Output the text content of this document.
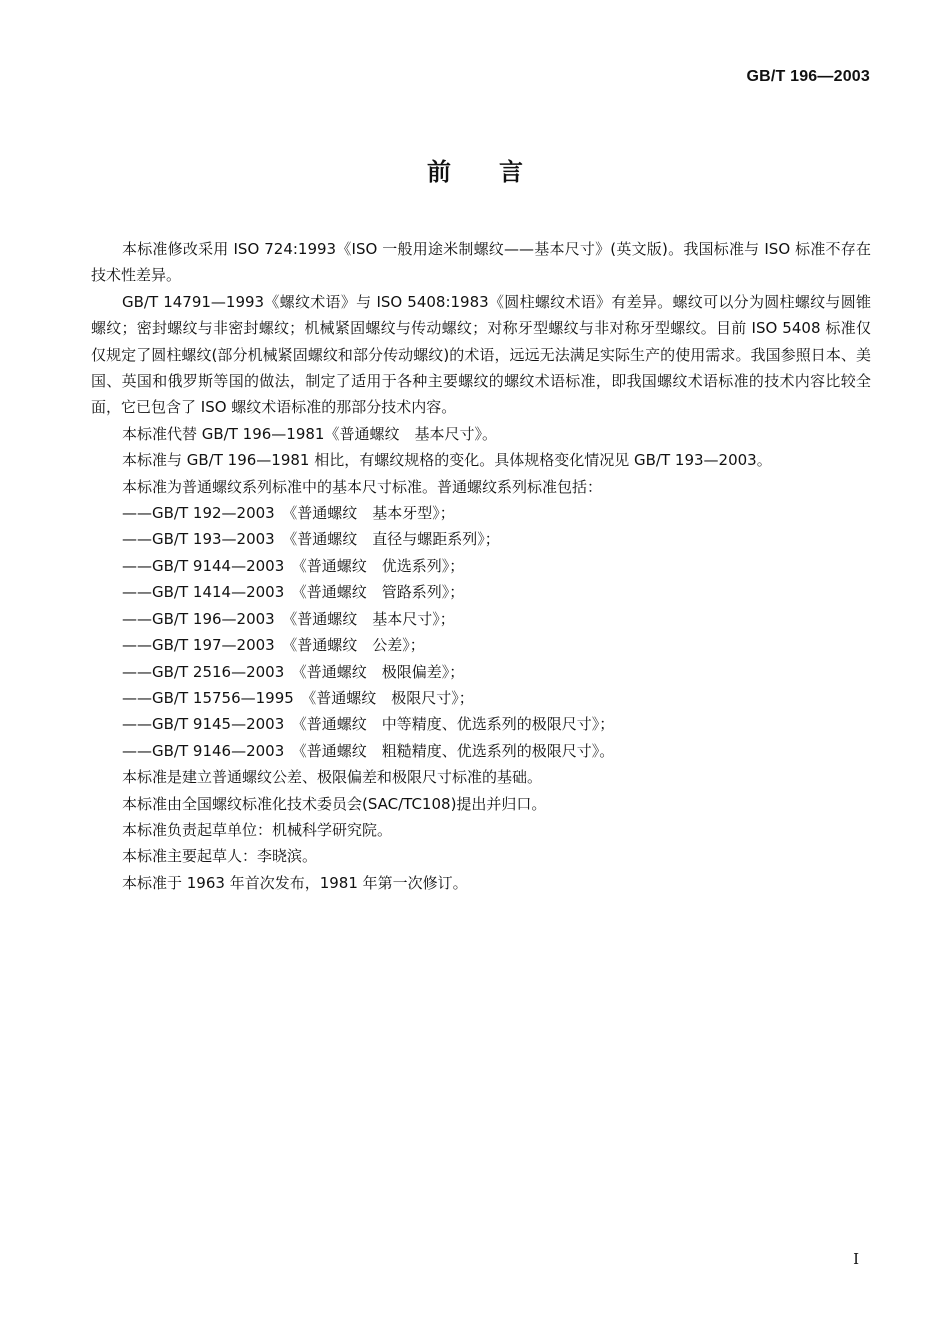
GB/T 196—2003
前　　言

本标准修改采用 ISO 724:1993《ISO 一般用途米制螺纹——基本尺寸》(英文版)。我国标准与 ISO 标准不存在技术性差异。

GB/T 14791—1993《螺纹术语》与 ISO 5408:1983《圆柱螺纹术语》有差异。螺纹可以分为圆柱螺纹与圆锥螺纹；密封螺纹与非密封螺纹；机械紧固螺纹与传动螺纹；对称牙型螺纹与非对称牙型螺纹。目前 ISO 5408 标准仅仅规定了圆柱螺纹(部分机械紧固螺纹和部分传动螺纹)的术语，远远无法满足实际生产的使用需求。我国参照日本、美国、英国和俄罗斯等国的做法，制定了适用于各种主要螺纹的螺纹术语标准，即我国螺纹术语标准的技术内容比较全面，它已包含了 ISO 螺纹术语标准的那部分技术内容。

本标准代替 GB/T 196—1981《普通螺纹　基本尺寸》。

本标准与 GB/T 196—1981 相比，有螺纹规格的变化。具体规格变化情况见 GB/T 193—2003。

本标准为普通螺纹系列标准中的基本尺寸标准。普通螺纹系列标准包括：

——GB/T 192—2003　《普通螺纹　基本牙型》；
——GB/T 193—2003　《普通螺纹　直径与螺距系列》；
——GB/T 9144—2003　《普通螺纹　优选系列》；
——GB/T 1414—2003　《普通螺纹　管路系列》；
——GB/T 196—2003　《普通螺纹　基本尺寸》；
——GB/T 197—2003　《普通螺纹　公差》；
——GB/T 2516—2003　《普通螺纹　极限偏差》；
——GB/T 15756—1995　《普通螺纹　极限尺寸》；
——GB/T 9145—2003　《普通螺纹　中等精度、优选系列的极限尺寸》；
——GB/T 9146—2003　《普通螺纹　粗糙精度、优选系列的极限尺寸》。

本标准是建立普通螺纹公差、极限偏差和极限尺寸标准的基础。

本标准由全国螺纹标准化技术委员会(SAC/TC108)提出并归口。

本标准负责起草单位：机械科学研究院。

本标准主要起草人：李晓滨。

本标准于 1963 年首次发布，1981 年第一次修订。

I
